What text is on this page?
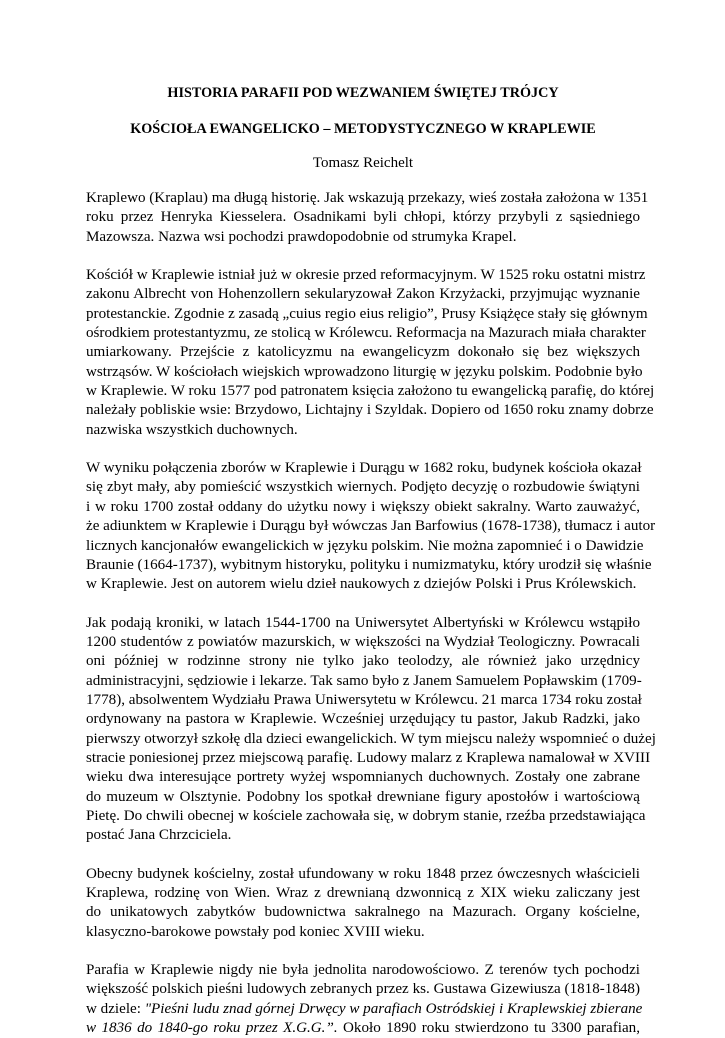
HISTORIA PARAFII POD WEZWANIEM ŚWIĘTEJ TRÓJCY
KOŚCIOŁA EWANGELICKO – METODYSTYCZNEGO W KRAPLEWIE
Tomasz Reichelt
Kraplewo (Kraplau) ma długą historię. Jak wskazują przekazy, wieś została założona w 1351
roku przez Henryka Kiesselera. Osadnikami byli chłopi, którzy przybyli z sąsiedniego
Mazowsza. Nazwa wsi pochodzi prawdopodobnie od strumyka Krapel.
Kościół w Kraplewie istniał już w okresie przed reformacyjnym. W 1525 roku ostatni mistrz
zakonu Albrecht von Hohenzollern sekularyzował Zakon Krzyżacki, przyjmując wyznanie
protestanckie. Zgodnie z zasadą „cuius regio eius religio”, Prusy Książęce stały się głównym
ośrodkiem protestantyzmu, ze stolicą w Królewcu. Reformacja na Mazurach miała charakter
umiarkowany. Przejście z katolicyzmu na ewangelicyzm dokonało się bez większych
wstrząsów. W kościołach wiejskich wprowadzono liturgię w języku polskim. Podobnie było
w Kraplewie. W roku 1577 pod patronatem księcia założono tu ewangelicką parafię, do której
należały pobliskie wsie: Brzydowo, Lichtajny i Szyldak. Dopiero od 1650 roku znamy dobrze
nazwiska wszystkich duchownych.
W wyniku połączenia zborów w Kraplewie i Durągu w 1682 roku, budynek kościoła okazał
się zbyt mały, aby pomieścić wszystkich wiernych. Podjęto decyzję o rozbudowie świątyni
i w roku 1700 został oddany do użytku nowy i większy obiekt sakralny. Warto zauważyć,
że adiunktem w Kraplewie i Durągu był wówczas Jan Barfowius (1678-1738), tłumacz i autor
licznych kancjonałów ewangelickich w języku polskim. Nie można zapomnieć i o Dawidzie
Braunie (1664-1737), wybitnym historyku, polityku i numizmatyku, który urodził się właśnie
w Kraplewie. Jest on autorem wielu dzieł naukowych z dziejów Polski i Prus Królewskich.
Jak podają kroniki, w latach 1544-1700 na Uniwersytet Albertyński w Królewcu wstąpiło
1200 studentów z powiatów mazurskich, w większości na Wydział Teologiczny. Powracali
oni później w rodzinne strony nie tylko jako teolodzy, ale również jako urzędnicy
administracyjni, sędziowie i lekarze. Tak samo było z Janem Samuelem Popławskim (1709-
1778), absolwentem Wydziału Prawa Uniwersytetu w Królewcu. 21 marca 1734 roku został
ordynowany na pastora w Kraplewie. Wcześniej urzędujący tu pastor, Jakub Radzki, jako
pierwszy otworzył szkołę dla dzieci ewangelickich. W tym miejscu należy wspomnieć o dużej
stracie poniesionej przez miejscową parafię. Ludowy malarz z Kraplewa namalował w XVIII
wieku dwa interesujące portrety wyżej wspomnianych duchownych. Zostały one zabrane
do muzeum w Olsztynie. Podobny los spotkał drewniane figury apostołów i wartościową
Pietę. Do chwili obecnej w kościele zachowała się, w dobrym stanie, rzeźba przedstawiająca
postać Jana Chrzciciela.
Obecny budynek kościelny, został ufundowany w roku 1848 przez ówczesnych właścicieli
Kraplewa, rodzinę von Wien. Wraz z drewnianą dzwonnicą z XIX wieku zaliczany jest
do unikatowych zabytków budownictwa sakralnego na Mazurach. Organy kościelne,
klasyczno-barokowe powstały pod koniec XVIII wieku.
Parafia w Kraplewie nigdy nie była jednolita narodowościowo. Z terenów tych pochodzi
większość polskich pieśni ludowych zebranych przez ks. Gustawa Gizewiusza (1818-1848)
w dziele: "Pieśni ludu znad górnej Drwęcy w parafiach Ostródskiej i Kraplewskiej zbierane
w 1836 do 1840-go roku przez X.G.G.”. Około 1890 roku stwierdzono tu 3300 parafian,
